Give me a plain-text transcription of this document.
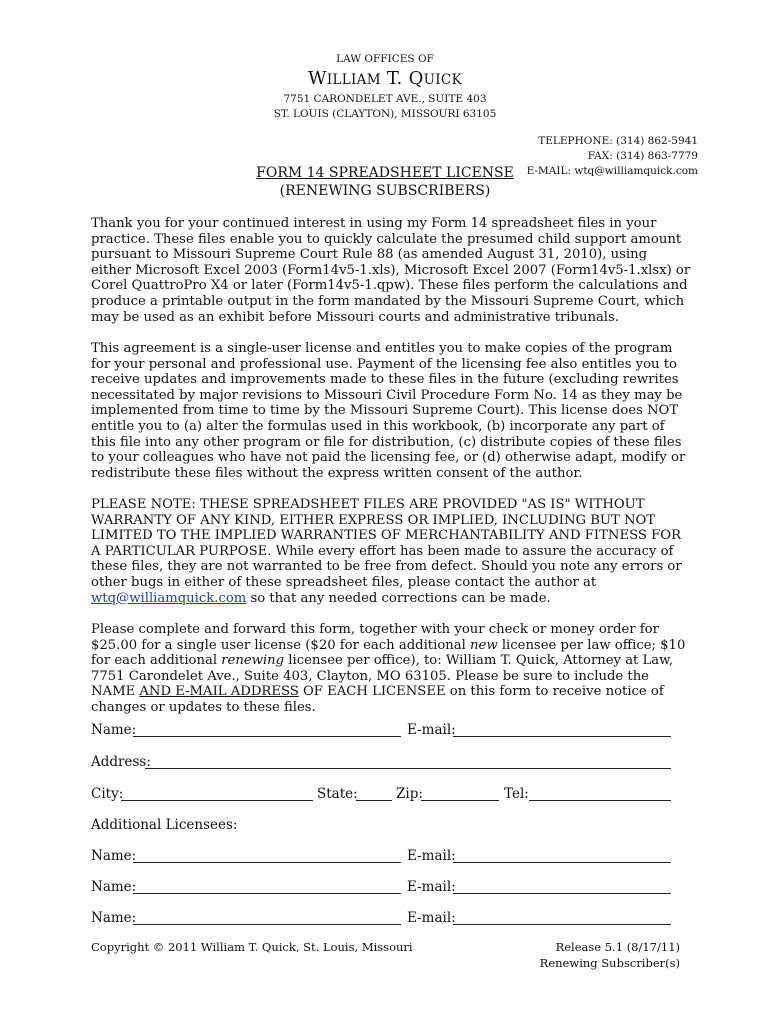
LAW OFFICES OF
WILLIAM T. QUICK
7751 CARONDELET AVE., SUITE 403
ST. LOUIS (CLAYTON), MISSOURI 63105
TELEPHONE: (314) 862-5941
FAX: (314) 863-7779
E-MAIL: wtq@williamquick.com
FORM 14 SPREADSHEET LICENSE
(RENEWING SUBSCRIBERS)

Thank you for your continued interest in using my Form 14 spreadsheet files in your practice. These files enable you to quickly calculate the presumed child support amount pursuant to Missouri Supreme Court Rule 88 (as amended August 31, 2010), using either Microsoft Excel 2003 (Form14v5-1.xls), Microsoft Excel 2007 (Form14v5-1.xlsx) or Corel QuattroPro X4 or later (Form14v5-1.qpw). These files perform the calculations and produce a printable output in the form mandated by the Missouri Supreme Court, which may be used as an exhibit before Missouri courts and administrative tribunals.

This agreement is a single-user license and entitles you to make copies of the program for your personal and professional use. Payment of the licensing fee also entitles you to receive updates and improvements made to these files in the future (excluding rewrites necessitated by major revisions to Missouri Civil Procedure Form No. 14 as they may be implemented from time to time by the Missouri Supreme Court). This license does NOT entitle you to (a) alter the formulas used in this workbook, (b) incorporate any part of this file into any other program or file for distribution, (c) distribute copies of these files to your colleagues who have not paid the licensing fee, or (d) otherwise adapt, modify or redistribute these files without the express written consent of the author.

PLEASE NOTE: THESE SPREADSHEET FILES ARE PROVIDED "AS IS" WITHOUT WARRANTY OF ANY KIND, EITHER EXPRESS OR IMPLIED, INCLUDING BUT NOT LIMITED TO THE IMPLIED WARRANTIES OF MERCHANTABILITY AND FITNESS FOR A PARTICULAR PURPOSE. While every effort has been made to assure the accuracy of these files, they are not warranted to be free from defect. Should you note any errors or other bugs in either of these spreadsheet files, please contact the author at wtq@williamquick.com so that any needed corrections can be made.

Please complete and forward this form, together with your check or money order for $25.00 for a single user license ($20 for each additional new licensee per law office; $10 for each additional renewing licensee per office), to: William T. Quick, Attorney at Law, 7751 Carondelet Ave., Suite 403, Clayton, MO 63105. Please be sure to include the NAME AND E-MAIL ADDRESS OF EACH LICENSEE on this form to receive notice of changes or updates to these files.

Name:	E-mail:
Address:
City:	State:	Zip:	Tel:
Additional Licensees:
Name:	E-mail:
Name:	E-mail:
Name:	E-mail:
Copyright © 2011 William T. Quick, St. Louis, Missouri	Release 5.1 (8/17/11)
Renewing Subscriber(s)
